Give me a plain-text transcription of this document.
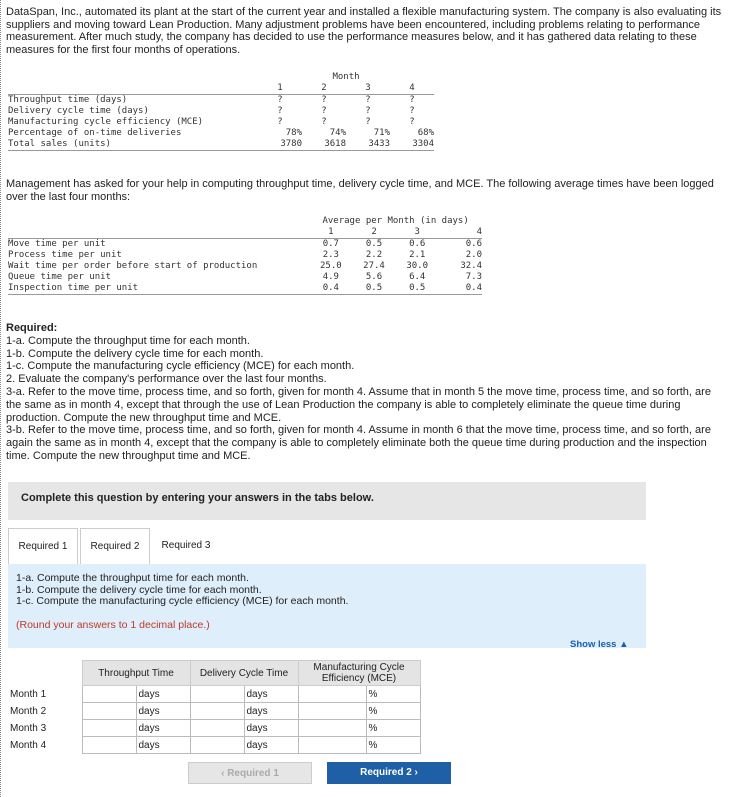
DataSpan, Inc., automated its plant at the start of the current year and installed a flexible manufacturing system. The company is also evaluating its suppliers and moving toward Lean Production. Many adjustment problems have been encountered, including problems relating to performance measurement. After much study, the company has decided to use the performance measures below, and it has gathered data relating to these measures for the first four months of operations.
	Month			
	1	2	3	4
Throughput time (days)	?	?	?	?
Delivery cycle time (days)	?	?	?	?
Manufacturing cycle efficiency (MCE)	?	?	?	?
Percentage of on-time deliveries	78%	74%	71%	68%
Total sales (units)	3780	3618	3433	3304
Management has asked for your help in computing throughput time, delivery cycle time, and MCE. The following average times have been logged over the last four months:
	Average per Month (in days)			
	1	2	3	4
Move time per unit	0.7	0.5	0.6	0.6
Process time per unit	2.3	2.2	2.1	2.0
Wait time per order before start of production	25.0	27.4	30.0	32.4
Queue time per unit	4.9	5.6	6.4	7.3
Inspection time per unit	0.4	0.5	0.5	0.4
Required:
1-a. Compute the throughput time for each month.
1-b. Compute the delivery cycle time for each month.
1-c. Compute the manufacturing cycle efficiency (MCE) for each month.
2. Evaluate the company's performance over the last four months.
3-a. Refer to the move time, process time, and so forth, given for month 4. Assume that in month 5 the move time, process time, and so forth, are the same as in month 4, except that through the use of Lean Production the company is able to completely eliminate the queue time during production. Compute the new throughput time and MCE.
3-b. Refer to the move time, process time, and so forth, given for month 4. Assume in month 6 that the move time, process time, and so forth, are again the same as in month 4, except that the company is able to completely eliminate both the queue time during production and the inspection time. Compute the new throughput time and MCE.
Complete this question by entering your answers in the tabs below.
Required 1	Required 2	Required 3
1-a. Compute the throughput time for each month.
1-b. Compute the delivery cycle time for each month.
1-c. Compute the manufacturing cycle efficiency (MCE) for each month.
(Round your answers to 1 decimal place.)
Show less ▲
	Throughput Time		Delivery Cycle Time		Manufacturing Cycle Efficiency (MCE)	
Month 1		days		days		%
Month 2		days		days		%
Month 3		days		days		%
Month 4		days		days		%
‹ Required 1	Required 2 ›
